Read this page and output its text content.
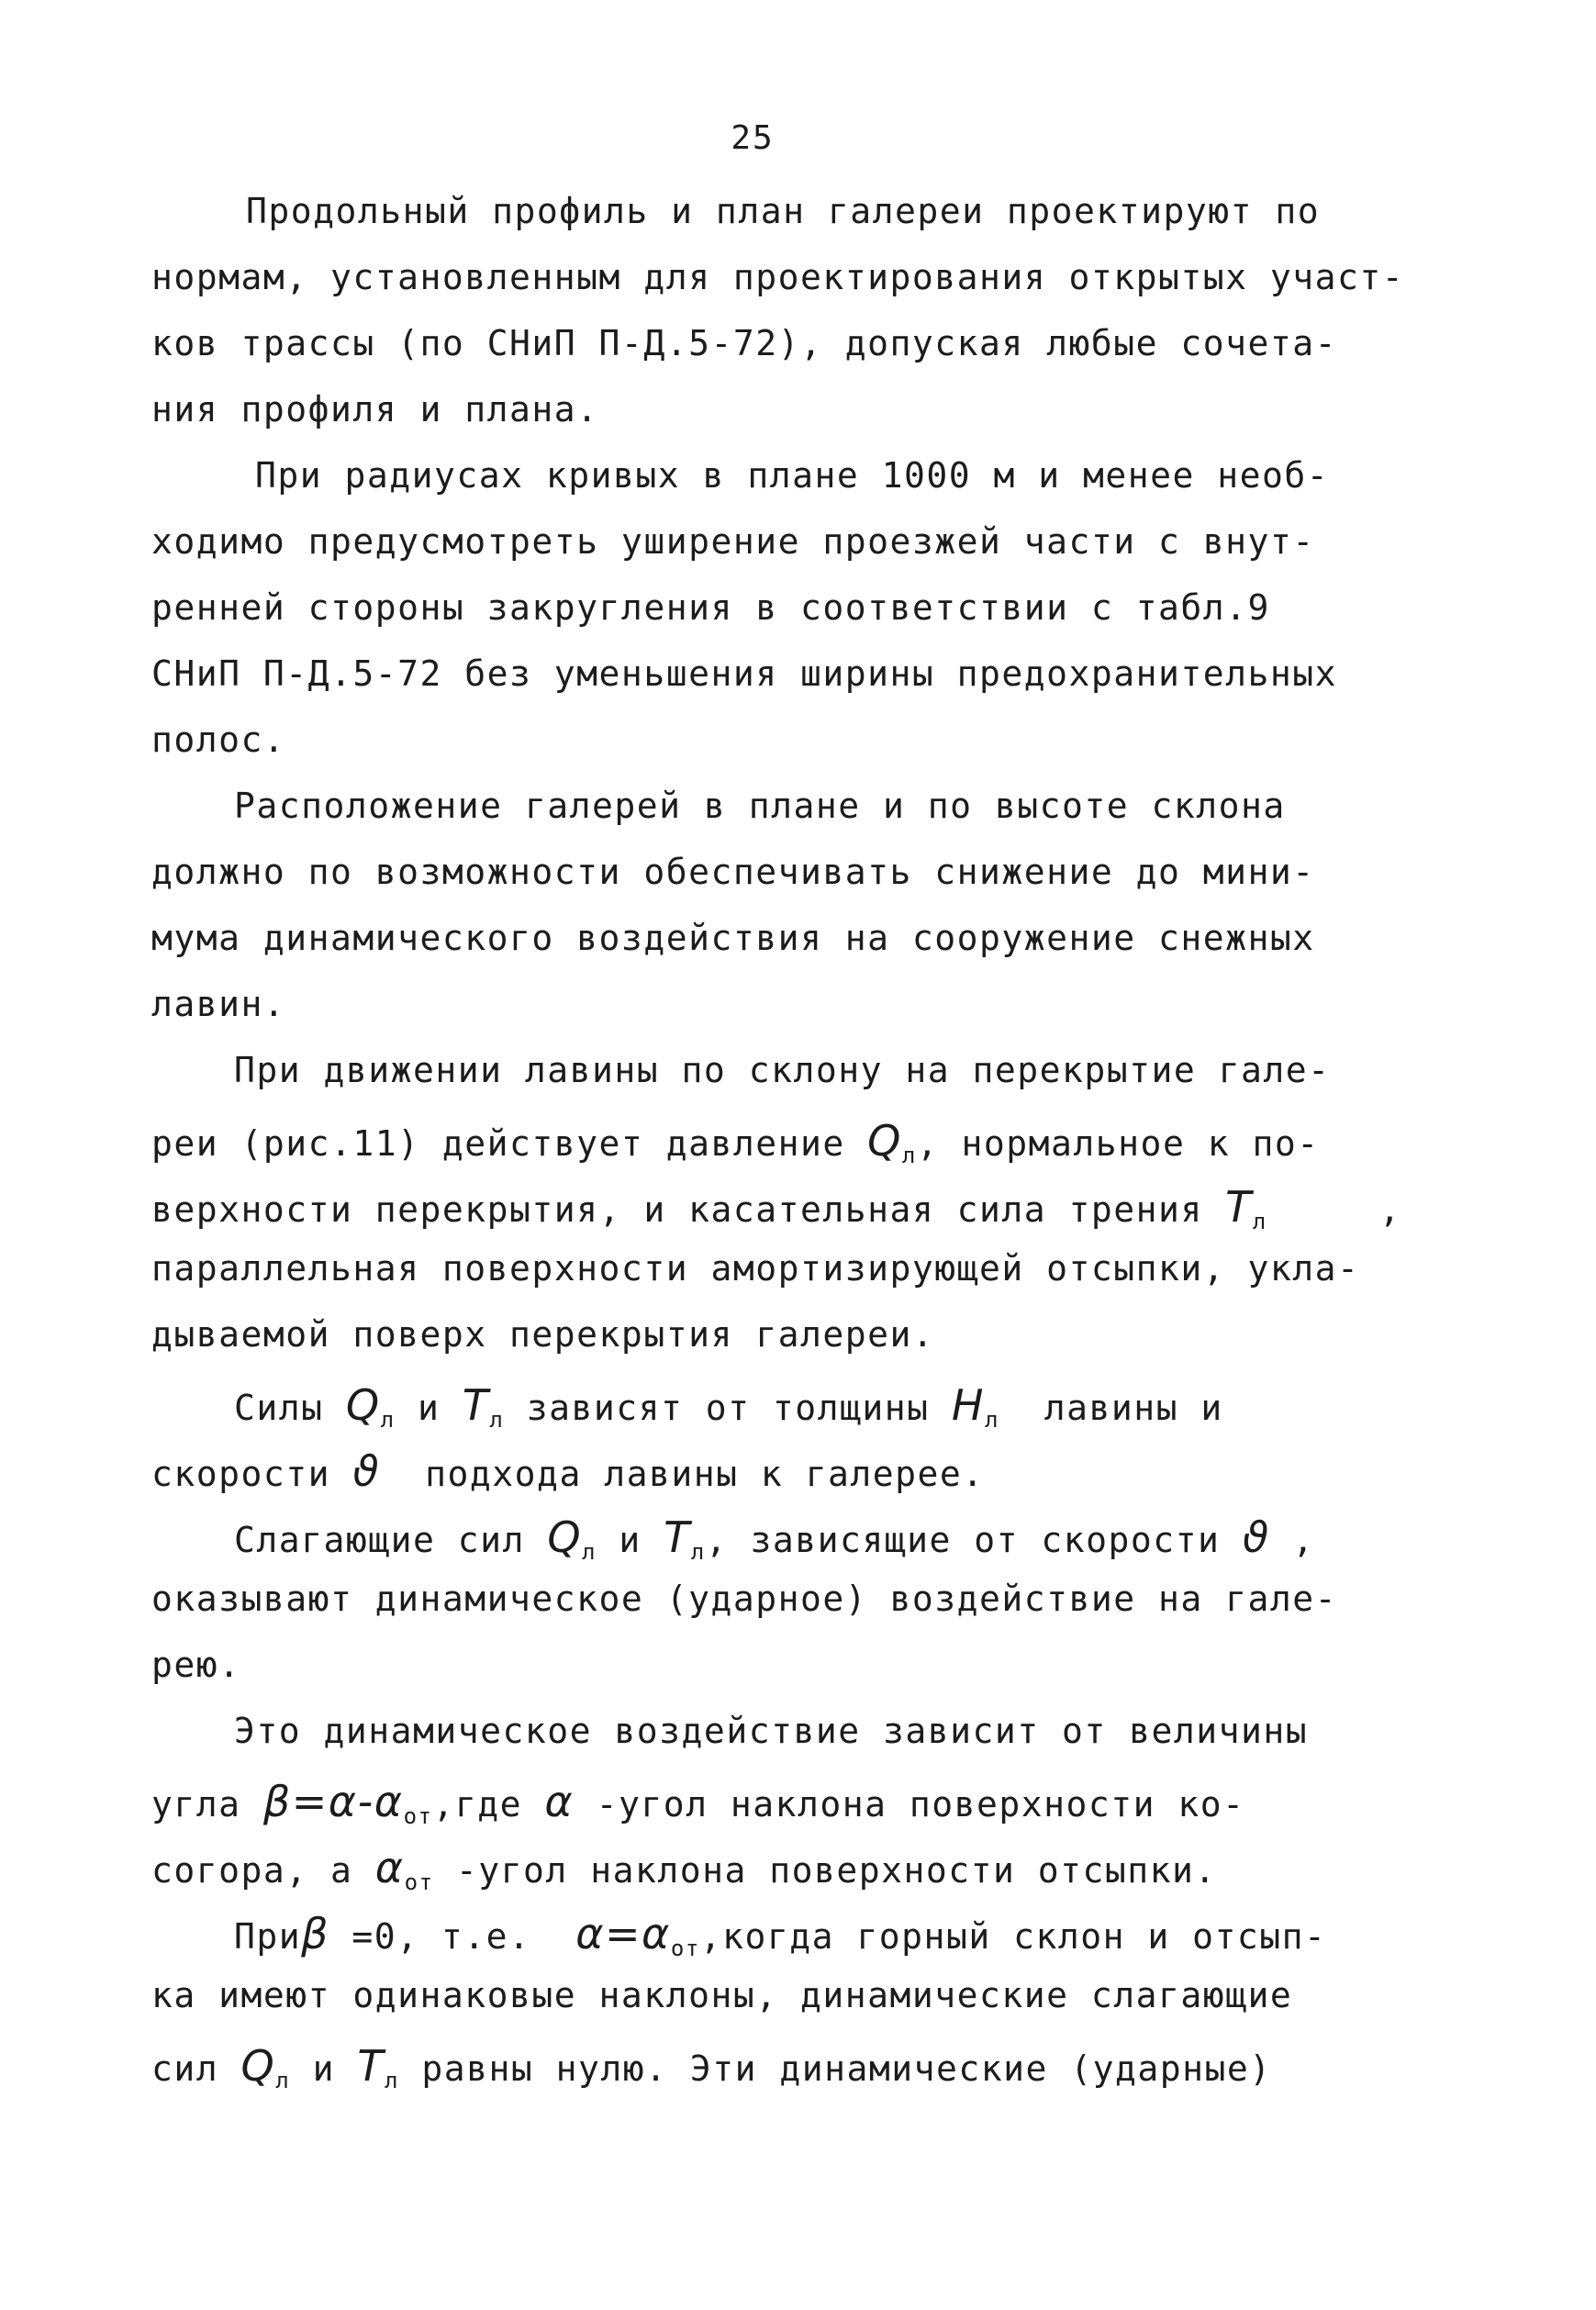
25
Продольный профиль и план галереи проектируют по
нормам, установленным для проектирования открытых участ-
ков трассы (по СНиП П-Д.5-72), допуская любые сочета-
ния профиля и плана.
При радиусах кривых в плане 1000 м и менее необ-
ходимо предусмотреть уширение проезжей части с внут-
ренней стороны закругления в соответствии с табл.9
СНиП П-Д.5-72 без уменьшения ширины предохранительных
полос.
Расположение галерей в плане и по высоте склона
должно по возможности обеспечивать снижение до мини-
мума динамического воздействия на сооружение снежных
лавин.
При движении лавины по склону на перекрытие гале-
реи (рис.11) действует давление $Q_л$, нормальное к по-
верхности перекрытия, и касательная сила трения $T_л$	,
параллельная поверхности амортизирующей отсыпки, укла-
дываемой поверх перекрытия галереи.
Силы $Q_л$ и $T_л$ зависят от толщины $H_л$ лавины и
скорости ϑ подхода лавины к галерее.
Слагающие сил $Q_л$ и $T_л$, зависящие от скорости ϑ ,
оказывают динамическое (ударное) воздействие на гале-
рею.
Это динамическое воздействие зависит от величины
угла $\beta=\alpha-\alpha_{от},где$ α -угол наклона поверхности ко-
согора, а $\alpha_{от}$ -угол наклона поверхности отсыпки.
Приβ =0, т.е. $\alpha=\alpha_{от},когда$ горный склон и отсып-
ка имеют одинаковые наклоны, динамические слагающие
сил $Q_л$ и $T_л$ равны нулю. Эти динамические (ударные)
